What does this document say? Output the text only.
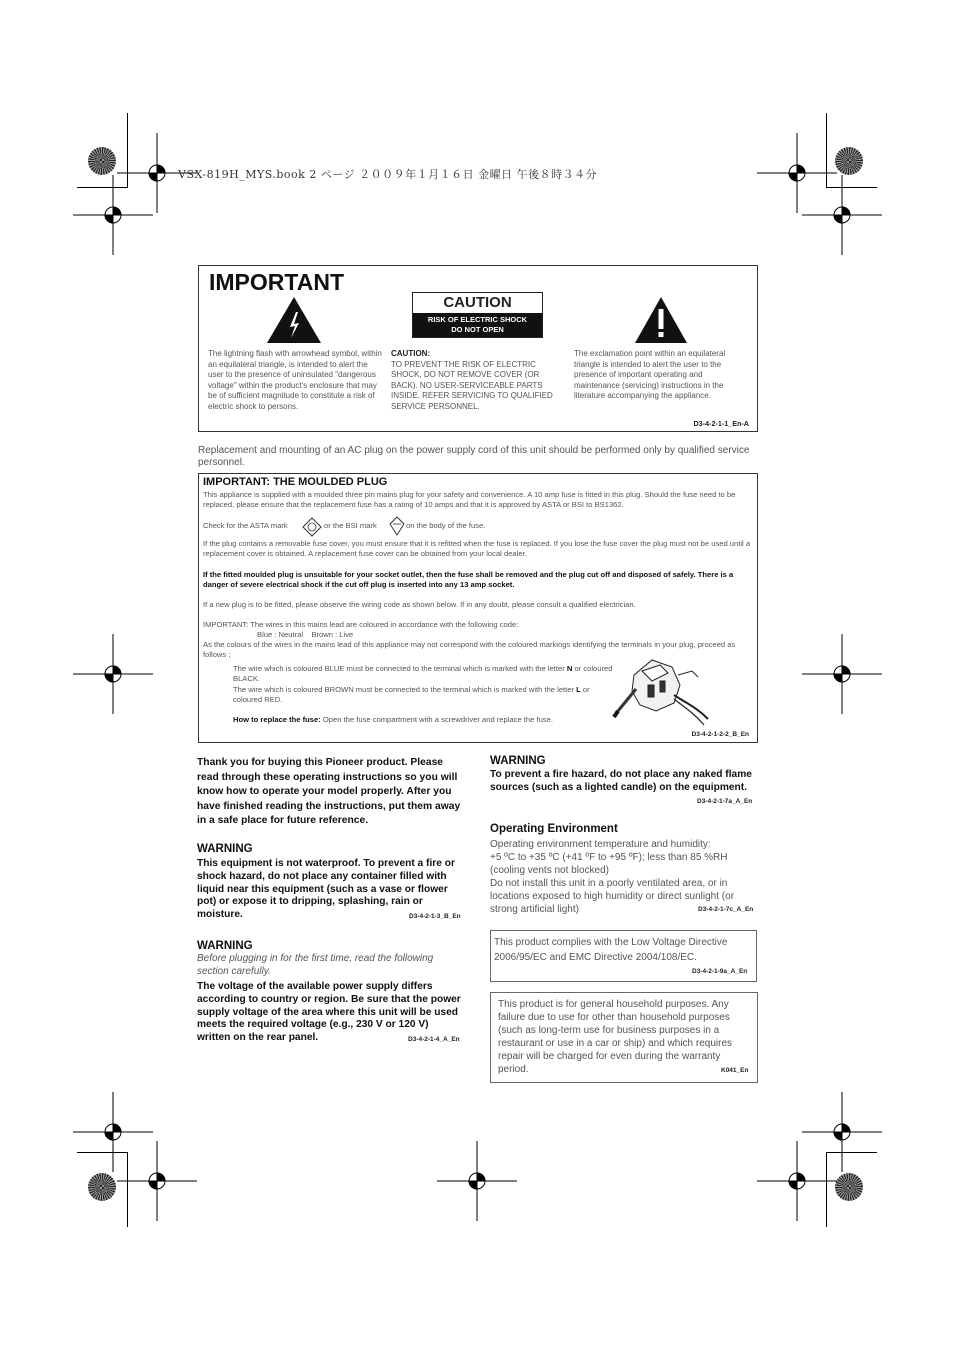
VSX-819H_MYS.book 2 ページ ２００９年１月１６日 金曜日 午後８時３４分
IMPORTANT
CAUTION
RISK OF ELECTRIC SHOCK
DO NOT OPEN
The lightning flash with arrowhead symbol, within an equilateral triangle, is intended to alert the user to the presence of uninsulated "dangerous voltage" within the product's enclosure that may be of sufficient magnitude to constitute a risk of electric shock to persons.
CAUTION:
TO PREVENT THE RISK OF ELECTRIC SHOCK, DO NOT REMOVE COVER (OR BACK). NO USER-SERVICEABLE PARTS INSIDE. REFER SERVICING TO QUALIFIED SERVICE PERSONNEL.
The exclamation point within an equilateral triangle is intended to alert the user to the presence of important operating and maintenance (servicing) instructions in the literature accompanying the appliance.
D3-4-2-1-1_En-A
Replacement and mounting of an AC plug on the power supply cord of this unit should be performed only by qualified service personnel.
IMPORTANT: THE MOULDED PLUG
This appliance is supplied with a moulded three pin mains plug for your safety and convenience. A 10 amp fuse is fitted in this plug. Should the fuse need to be replaced, please ensure that the replacement fuse has a rating of 10 amps and that it is approved by ASTA or BSI to BS1362.
Check for the ASTA mark	or the BSI mark	on the body of the fuse.
If the plug contains a removable fuse cover, you must ensure that it is refitted when the fuse is replaced. If you lose the fuse cover the plug must not be used until a replacement cover is obtained. A replacement fuse cover can be obtained from your local dealer.
If the fitted moulded plug is unsuitable for your socket outlet, then the fuse shall be removed and the plug cut off and disposed of safely. There is a danger of severe electrical shock if the cut off plug is inserted into any 13 amp socket.
If a new plug is to be fitted, please observe the wiring code as shown below. If in any doubt, please consult a qualified electrician.
IMPORTANT: The wires in this mains lead are coloured in accordance with the following code:
Blue : Neutral    Brown : Live
As the colours of the wires in the mains lead of this appliance may not correspond with the coloured markings identifying the terminals in your plug, proceed as follows ;
The wire which is coloured BLUE must be connected to the terminal which is marked with the letter N or coloured BLACK.
The wire which is coloured BROWN must be connected to the terminal which is marked with the letter L or coloured RED.
How to replace the fuse: Open the fuse compartment with a screwdriver and replace the fuse.
D3-4-2-1-2-2_B_En
Thank you for buying this Pioneer product. Please read through these operating instructions so you will know how to operate your model properly. After you have finished reading the instructions, put them away in a safe place for future reference.
WARNING
This equipment is not waterproof. To prevent a fire or shock hazard, do not place any container filled with liquid near this equipment (such as a vase or flower pot) or expose it to dripping, splashing, rain or moisture.	D3-4-2-1-3_B_En
WARNING
Before plugging in for the first time, read the following section carefully.
The voltage of the available power supply differs according to country or region. Be sure that the power supply voltage of the area where this unit will be used meets the required voltage (e.g., 230 V or 120 V) written on the rear panel.	D3-4-2-1-4_A_En
WARNING
To prevent a fire hazard, do not place any naked flame sources (such as a lighted candle) on the equipment.
D3-4-2-1-7a_A_En
Operating Environment
Operating environment temperature and humidity:
+5 ºC to +35 ºC (+41 ºF to +95 ºF); less than 85 %RH (cooling vents not blocked)
Do not install this unit in a poorly ventilated area, or in locations exposed to high humidity or direct sunlight (or strong artificial light)	D3-4-2-1-7c_A_En
This product complies with the Low Voltage Directive 2006/95/EC and EMC Directive 2004/108/EC.
D3-4-2-1-9a_A_En
This product is for general household purposes. Any failure due to use for other than household purposes (such as long-term use for business purposes in a restaurant or use in a car or ship) and which requires repair will be charged for even during the warranty period.	K041_En
